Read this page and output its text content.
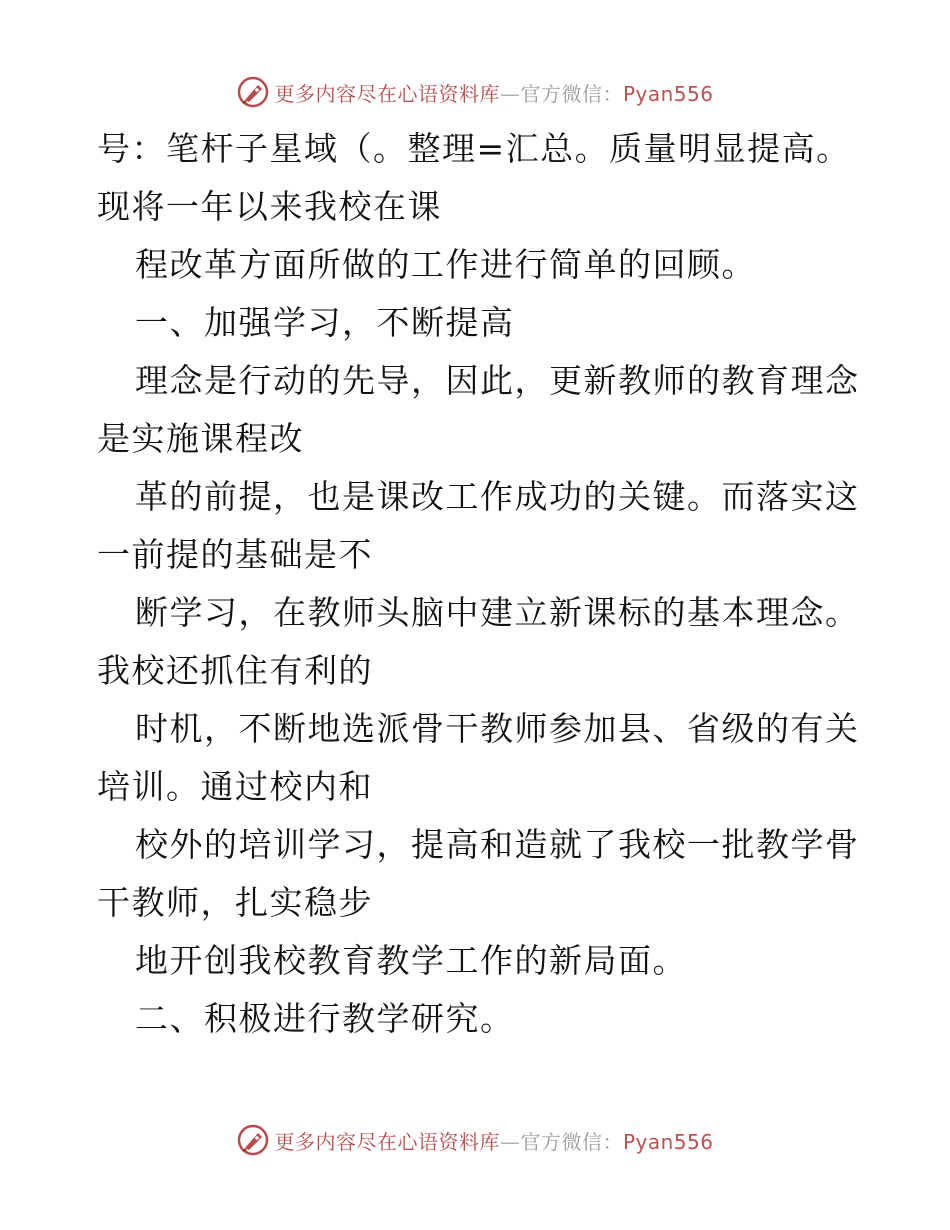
更多内容尽在心语资料库—官方微信：Pyan556
号：笔杆子星域（。整理=汇总。质量明显提高。
现将一年以来我校在课
程改革方面所做的工作进行简单的回顾。
一、加强学习，不断提高
理念是行动的先导，因此，更新教师的教育理念
是实施课程改
革的前提，也是课改工作成功的关键。而落实这
一前提的基础是不
断学习，在教师头脑中建立新课标的基本理念。
我校还抓住有利的
时机，不断地选派骨干教师参加县、省级的有关
培训。通过校内和
校外的培训学习，提高和造就了我校一批教学骨
干教师，扎实稳步
地开创我校教育教学工作的新局面。
二、积极进行教学研究。
更多内容尽在心语资料库—官方微信：Pyan556
